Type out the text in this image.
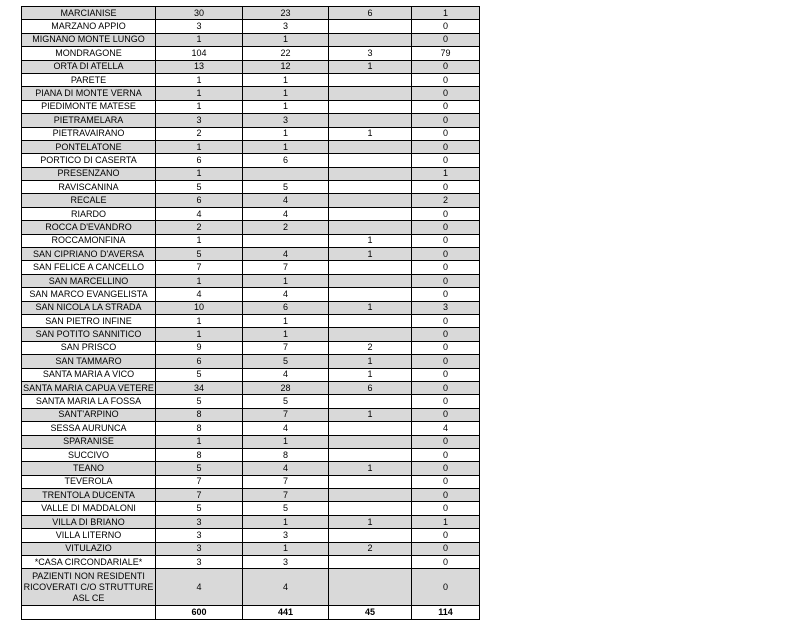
MARCIANISE	30	23	6	1
MARZANO APPIO	3	3		0
MIGNANO MONTE LUNGO	1	1		0
MONDRAGONE	104	22	3	79
ORTA DI ATELLA	13	12	1	0
PARETE	1	1		0
PIANA DI MONTE VERNA	1	1		0
PIEDIMONTE MATESE	1	1		0
PIETRAMELARA	3	3		0
PIETRAVAIRANO	2	1	1	0
PONTELATONE	1	1		0
PORTICO DI CASERTA	6	6		0
PRESENZANO	1			1
RAVISCANINA	5	5		0
RECALE	6	4		2
RIARDO	4	4		0
ROCCA D'EVANDRO	2	2		0
ROCCAMONFINA	1		1	0
SAN CIPRIANO D'AVERSA	5	4	1	0
SAN FELICE A CANCELLO	7	7		0
SAN MARCELLINO	1	1		0
SAN MARCO EVANGELISTA	4	4		0
SAN NICOLA LA STRADA	10	6	1	3
SAN PIETRO INFINE	1	1		0
SAN POTITO SANNITICO	1	1		0
SAN PRISCO	9	7	2	0
SAN TAMMARO	6	5	1	0
SANTA MARIA A VICO	5	4	1	0
SANTA MARIA CAPUA VETERE	34	28	6	0
SANTA MARIA LA FOSSA	5	5		0
SANT'ARPINO	8	7	1	0
SESSA AURUNCA	8	4		4
SPARANISE	1	1		0
SUCCIVO	8	8		0
TEANO	5	4	1	0
TEVEROLA	7	7		0
TRENTOLA DUCENTA	7	7		0
VALLE DI MADDALONI	5	5		0
VILLA DI BRIANO	3	1	1	1
VILLA LITERNO	3	3		0
VITULAZIO	3	1	2	0
*CASA CIRCONDARIALE*	3	3		0
PAZIENTI NON RESIDENTI RICOVERATI C/O STRUTTURE ASL CE	4	4		0
	600	441	45	114
